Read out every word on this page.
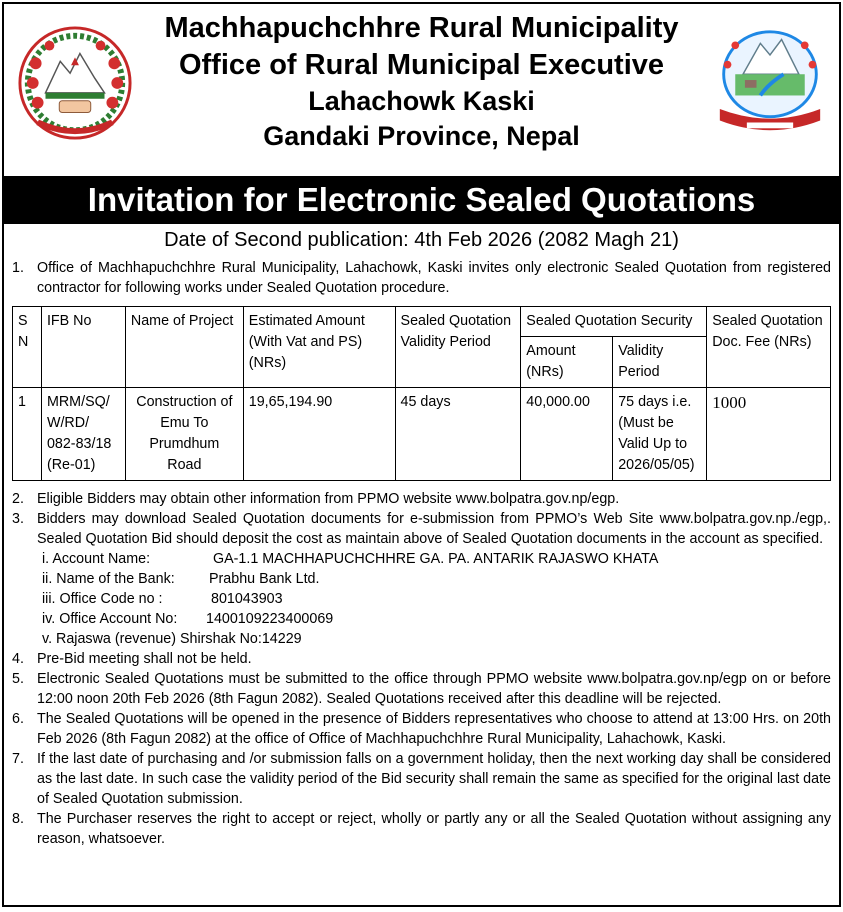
Machhapuchchhre Rural Municipality
Office of Rural Municipal Executive
Lahachowk Kaski
Gandaki Province, Nepal
Invitation for Electronic Sealed Quotations
Date of Second publication: 4th Feb 2026 (2082 Magh 21)
1. Office of Machhapuchchhre Rural Municipality, Lahachowk, Kaski invites only electronic Sealed Quotation from registered contractor for following works under Sealed Quotation procedure.
S N	IFB No	Name of Project	Estimated Amount (With Vat and PS) (NRs)	Sealed Quotation Validity Period	Sealed Quotation Security		Sealed Quotation Doc. Fee (NRs)
					Amount (NRs)	Validity Period	
1	MRM/SQ/ W/RD/ 082-83/18 (Re-01)	Construction of Emu To Prumdhum Road	19,65,194.90	45 days	40,000.00	75 days i.e. (Must be Valid Up to 2026/05/05)	1000
2. Eligible Bidders may obtain other information from PPMO website www.bolpatra.gov.np/egp.
3. Bidders may download Sealed Quotation documents for e-submission from PPMO’s Web Site www.bolpatra.gov.np./egp,. Sealed Quotation Bid should deposit the cost as maintain above of Sealed Quotation documents in the account as specified.
i. Account Name:	GA-1.1 MACHHAPUCHCHHRE GA. PA. ANTARIK RAJASWO KHATA
ii. Name of the Bank:	Prabhu Bank Ltd.
iii. Office Code no :	801043903
iv. Office Account No:	1400109223400069
v. Rajaswa (revenue) Shirshak No: 14229
4. Pre-Bid meeting shall not be held.
5. Electronic Sealed Quotations must be submitted to the office through PPMO website www.bolpatra.gov.np/egp on or before 12:00 noon 20th Feb 2026 (8th Fagun 2082). Sealed Quotations received after this deadline will be rejected.
6. The Sealed Quotations will be opened in the presence of Bidders representatives who choose to attend at 13:00 Hrs. on 20th Feb 2026 (8th Fagun 2082) at the office of Office of Machhapuchchhre Rural Municipality, Lahachowk, Kaski.
7. If the last date of purchasing and /or submission falls on a government holiday, then the next working day shall be considered as the last date. In such case the validity period of the Bid security shall remain the same as specified for the original last date of Sealed Quotation submission.
8. The Purchaser reserves the right to accept or reject, wholly or partly any or all the Sealed Quotation without assigning any reason, whatsoever.
